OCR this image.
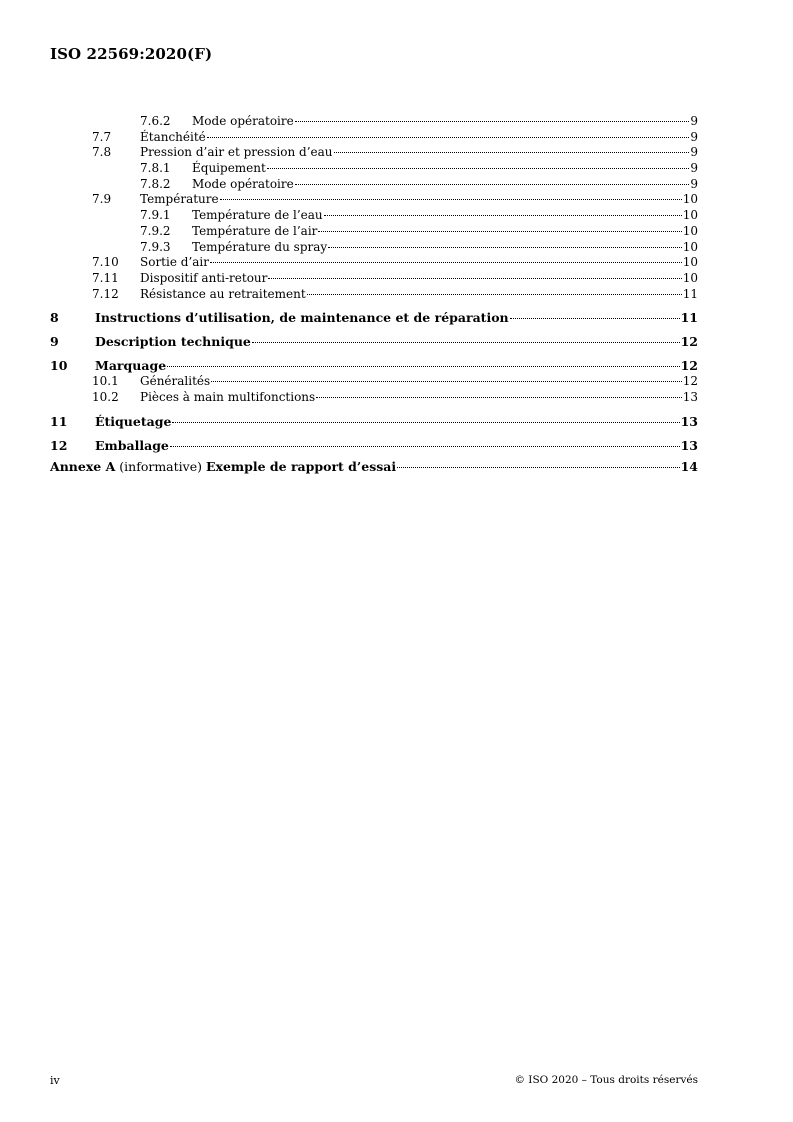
ISO 22569:2020(F)
7.6.2 Mode opératoire	9
7.7 Étanchéité	9
7.8 Pression d’air et pression d’eau	9
7.8.1 Équipement	9
7.8.2 Mode opératoire	9
7.9 Température	10
7.9.1 Température de l’eau	10
7.9.2 Température de l’air	10
7.9.3 Température du spray	10
7.10 Sortie d’air	10
7.11 Dispositif anti-retour	10
7.12 Résistance au retraitement	11
8	Instructions d’utilisation, de maintenance et de réparation	11
9	Description technique	12
10 Marquage	12
10.1 Généralités	12
10.2 Pièces à main multifonctions	13
11 Étiquetage	13
12 Emballage	13
Annexe A (informative) Exemple de rapport d’essai	14
iv	© ISO 2020 – Tous droits réservés
